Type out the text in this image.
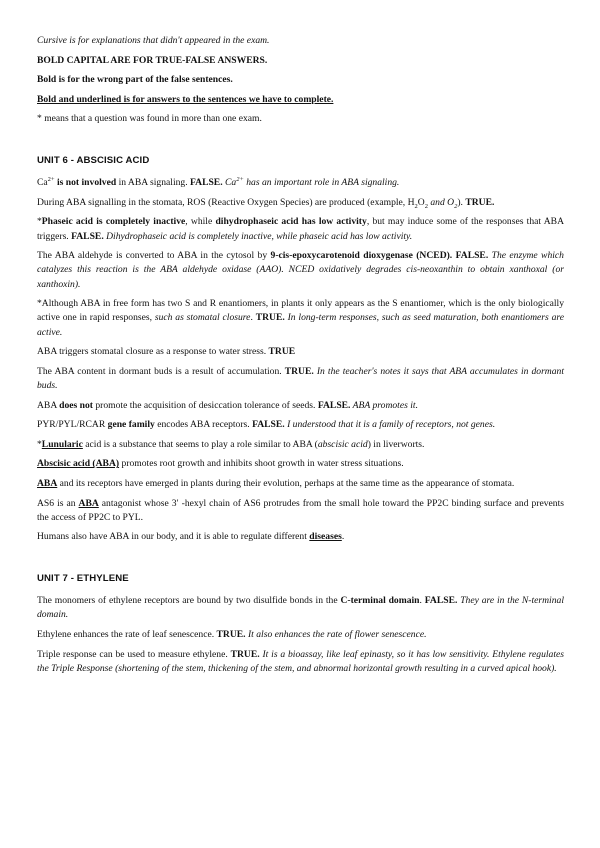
Cursive is for explanations that didn't appeared in the exam.

BOLD CAPITAL ARE FOR TRUE-FALSE ANSWERS.

Bold is for the wrong part of the false sentences.

Bold and underlined is for answers to the sentences we have to complete.

* means that a question was found in more than one exam.

UNIT 6 - ABSCISIC ACID

$Ca^{2+}$ is not involved in ABA signaling. FALSE. $Ca^{2+}$ has an important role in ABA signaling.

During ABA signalling in the stomata, ROS (Reactive Oxygen Species) are produced (example, $H_2O_2$ and $O_2$). TRUE.

*Phaseic acid is completely inactive, while dihydrophaseic acid has low activity, but may induce some of the responses that ABA triggers. FALSE. Dihydrophaseic acid is completely inactive, while phaseic acid has low activity.

The ABA aldehyde is converted to ABA in the cytosol by 9-cis-epoxycarotenoid dioxygenase (NCED). FALSE. The enzyme which catalyzes this reaction is the ABA aldehyde oxidase (AAO). NCED oxidatively degrades cis-neoxanthin to obtain xanthoxal (or xanthoxin).

*Although ABA in free form has two S and R enantiomers, in plants it only appears as the S enantiomer, which is the only biologically active one in rapid responses, such as stomatal closure. TRUE. In long-term responses, such as seed maturation, both enantiomers are active.

ABA triggers stomatal closure as a response to water stress. TRUE

The ABA content in dormant buds is a result of accumulation. TRUE. In the teacher's notes it says that ABA accumulates in dormant buds.

ABA does not promote the acquisition of desiccation tolerance of seeds. FALSE. ABA promotes it.

PYR/PYL/RCAR gene family encodes ABA receptors. FALSE. I understood that it is a family of receptors, not genes.

*Lunularic acid is a substance that seems to play a role similar to ABA (abscisic acid) in liverworts.

Abscisic acid (ABA) promotes root growth and inhibits shoot growth in water stress situations.

ABA and its receptors have emerged in plants during their evolution, perhaps at the same time as the appearance of stomata.

AS6 is an ABA antagonist whose 3′ -hexyl chain of AS6 protrudes from the small hole toward the PP2C binding surface and prevents the access of PP2C to PYL.

Humans also have ABA in our body, and it is able to regulate different diseases.

UNIT 7 - ETHYLENE

The monomers of ethylene receptors are bound by two disulfide bonds in the C-terminal domain. FALSE. They are in the N-terminal domain.

Ethylene enhances the rate of leaf senescence. TRUE. It also enhances the rate of flower senescence.

Triple response can be used to measure ethylene. TRUE. It is a bioassay, like leaf epinasty, so it has low sensitivity. Ethylene regulates the Triple Response (shortening of the stem, thickening of the stem, and abnormal horizontal growth resulting in a curved apical hook).
